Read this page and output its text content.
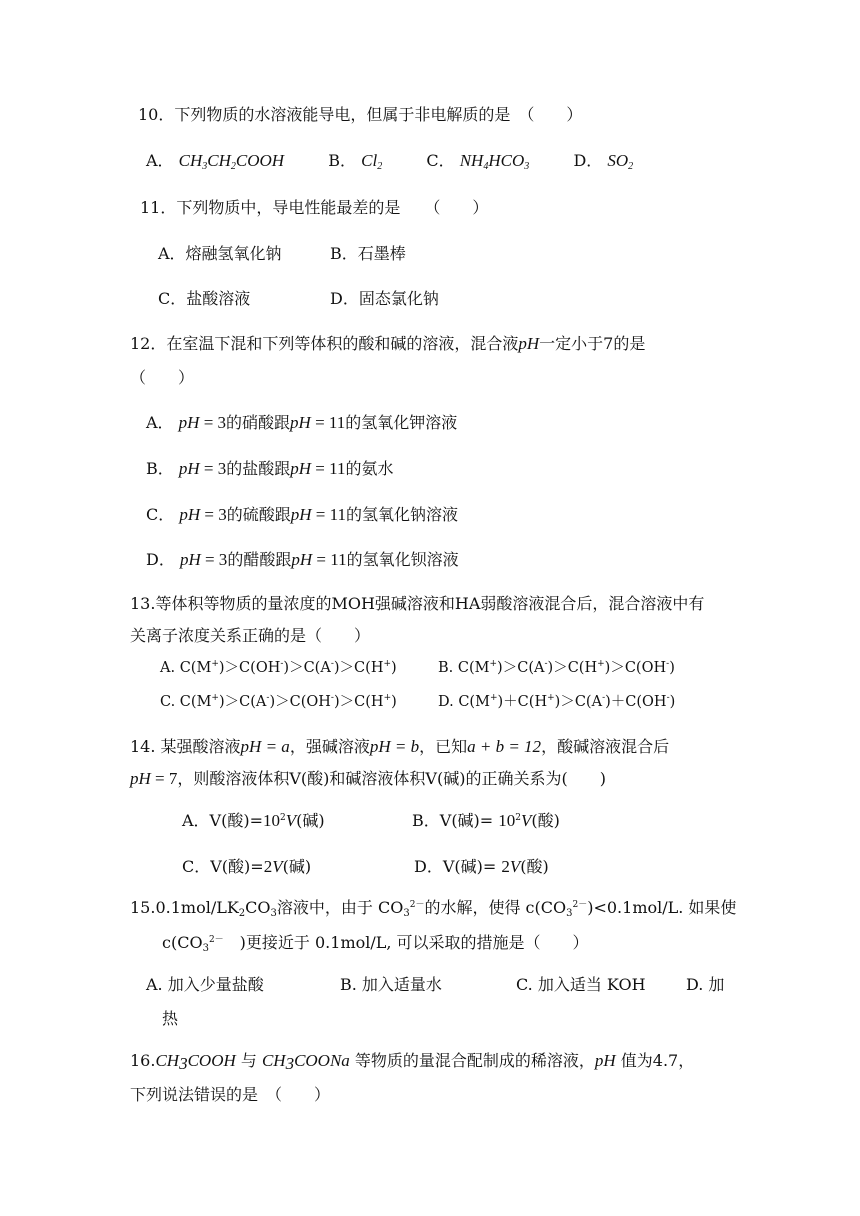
10．下列物质的水溶液能导电，但属于非电解质的是　（　　）
A． $CH_3CH_2COOH$	B． $Cl_2$	C． $NH_4HCO_3$	D． $SO_2$
11．下列物质中，导电性能最差的是　　（　　）
A．熔融氢氧化钠	B．石墨棒
C．盐酸溶液	D．固态氯化钠
12．在室温下混和下列等体积的酸和碱的溶液，混合液pH一定小于7的是
（　　）
A． pH = 3的硝酸跟pH = 11的氢氧化钾溶液
B． pH = 3的盐酸跟pH = 11的氨水
C． pH = 3的硫酸跟pH = 11的氢氧化钠溶液
D． pH = 3的醋酸跟pH = 11的氢氧化钡溶液
13.等体积等物质的量浓度的MOH强碱溶液和HA弱酸溶液混合后，混合溶液中有
关离子浓度关系正确的是（　　）
A. C(M+)＞C(OH-)＞C(A-)＞C(H+)	B. C(M+)＞C(A-)＞C(H+)＞C(OH-)
C. C(M+)＞C(A-)＞C(OH-)＞C(H+)	D. C(M+)＋C(H+)＞C(A-)＋C(OH-)
14. 某强酸溶液pH = a，强碱溶液pH = b，已知a + b = 12，酸碱溶液混合后
pH = 7，则酸溶液体积V(酸)和碱溶液体积V(碱)的正确关系为(　　)
A．V(酸)$=10^2V$(碱)	B．V(碱)= $10^2V$(酸)
C．V(酸)=2V(碱)	D．V(碱)= 2V(酸)
$15.0.1mol/LK_2CO_3$溶液中，由于 $CO_3^{2-}$的水解，使得 $c(CO_3^{2-})<0.1mol/L$. 如果使
$c(CO_3^{2-}$　)更接近于 0.1mol/L, 可以采取的措施是（　　）
A. 加入少量盐酸	B. 加入适量水	C. 加入适当 KOH	D. 加
热
$16.CH_3COOH$ 与 $CH_3COONa$ 等物质的量混合配制成的稀溶液，pH 值为4.7，
下列说法错误的是　（　　）
